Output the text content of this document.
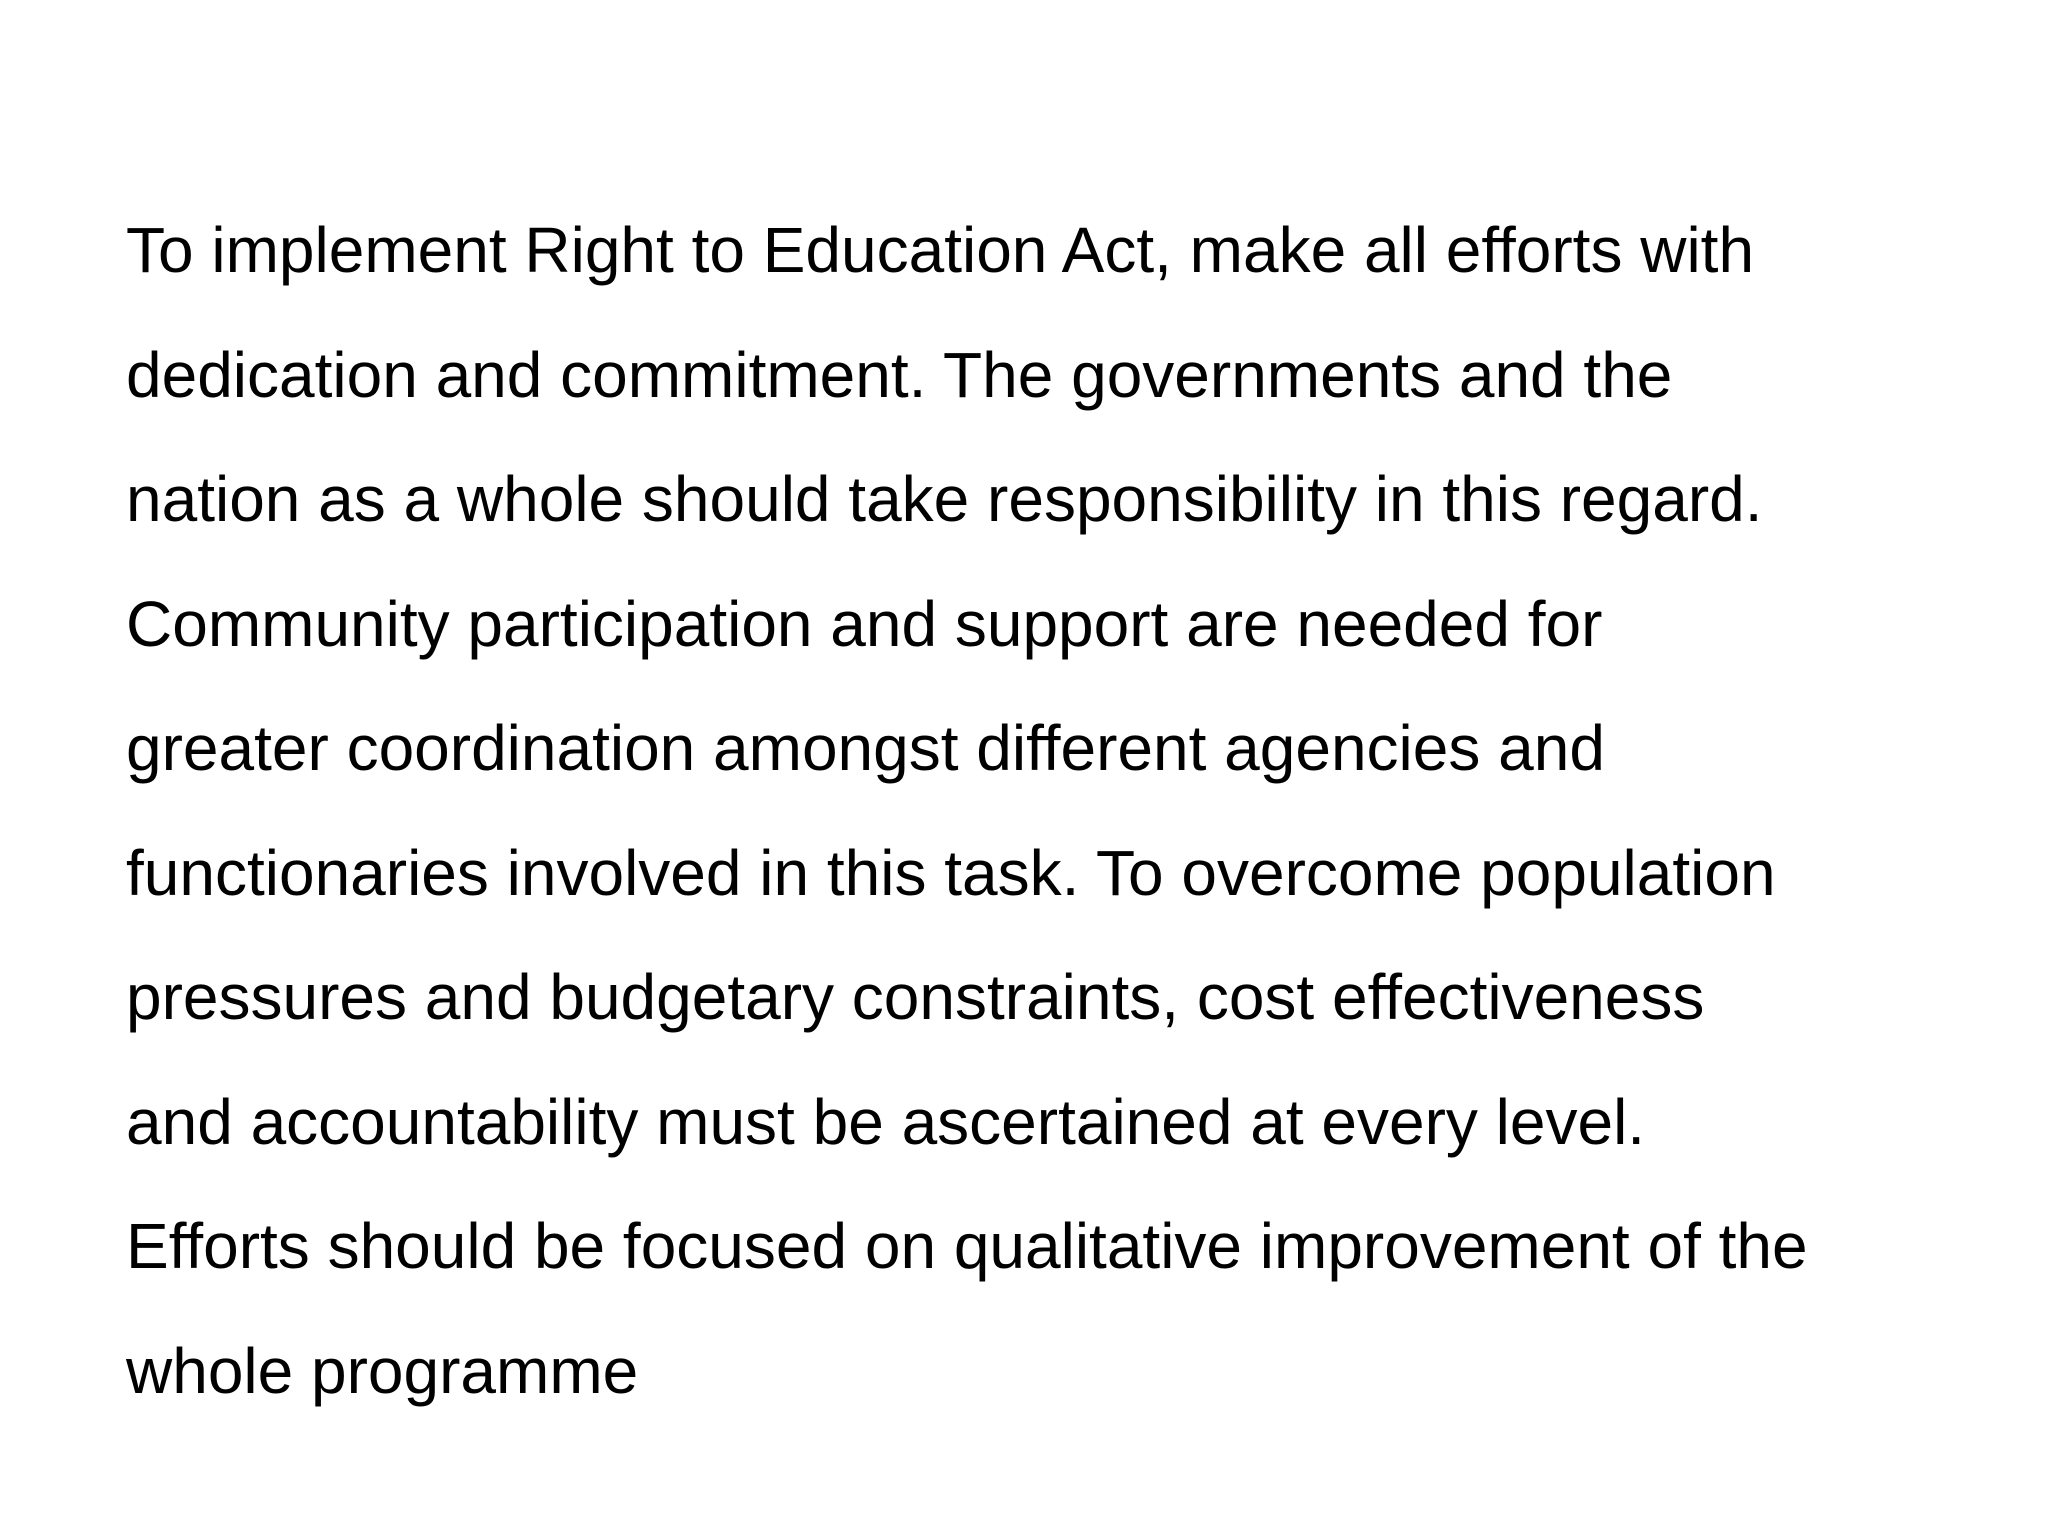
To implement Right to Education Act, make all efforts with
dedication and commitment. The governments and the
nation as a whole should take responsibility in this regard.
Community participation and support are needed for
greater coordination amongst different agencies and
functionaries involved in this task. To overcome population
pressures and budgetary constraints, cost effectiveness
and accountability must be ascertained at every level.
Efforts should be focused on qualitative improvement of the
whole programme
